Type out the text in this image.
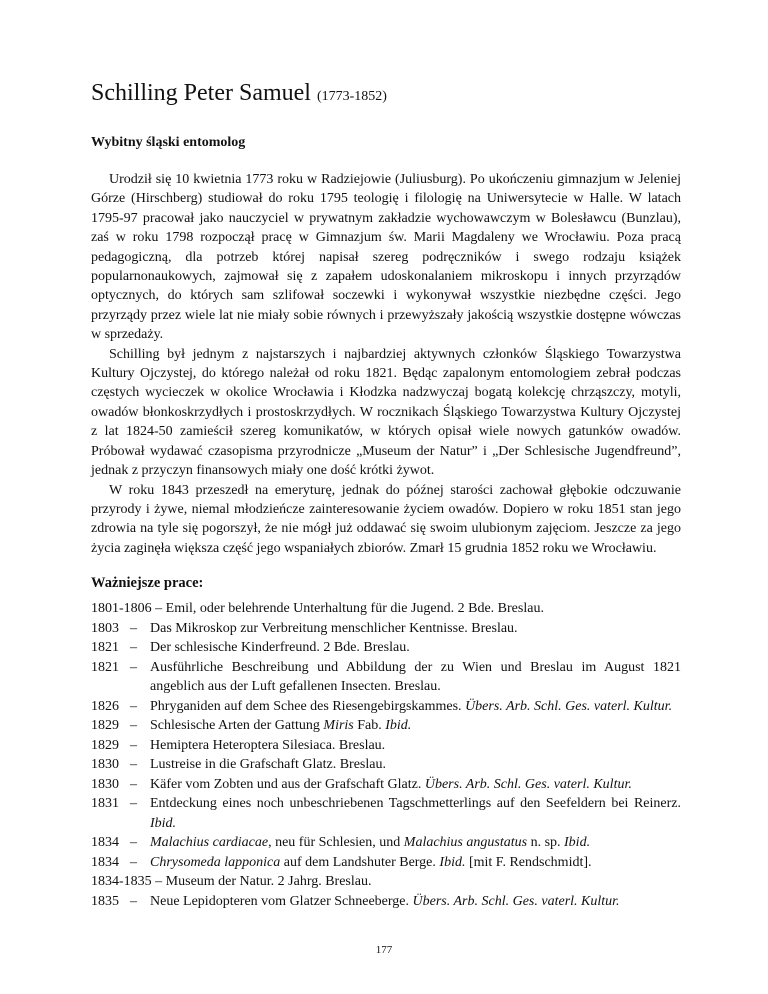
Schilling Peter Samuel (1773-1852)
Wybitny śląski entomolog

Urodził się 10 kwietnia 1773 roku w Radziejowie (Juliusburg). Po ukończeniu gimnazjum w Jeleniej Górze (Hirschberg) studiował do roku 1795 teologię i filologię na Uniwersytecie w Halle. W latach 1795-97 pracował jako nauczyciel w prywatnym zakładzie wychowawczym w Bolesławcu (Bunzlau), zaś w roku 1798 rozpoczął pracę w Gimnazjum św. Marii Magdaleny we Wrocławiu. Poza pracą pedagogiczną, dla potrzeb której napisał szereg podręczników i swego rodzaju książek popularnonaukowych, zajmował się z zapałem udoskonalaniem mikroskopu i innych przyrządów optycznych, do których sam szlifował soczewki i wykonywał wszystkie niezbędne części. Jego przyrządy przez wiele lat nie miały sobie równych i przewyższały jakością wszystkie dostępne wówczas w sprzedaży.

Schilling był jednym z najstarszych i najbardziej aktywnych członków Śląskiego Towarzystwa Kultury Ojczystej, do którego należał od roku 1821. Będąc zapalonym entomologiem zebrał podczas częstych wycieczek w okolice Wrocławia i Kłodzka nadzwyczaj bogatą kolekcję chrząszczy, motyli, owadów błonkoskrzydłych i prostoskrzydłych. W rocznikach Śląskiego Towarzystwa Kultury Ojczystej z lat 1824-50 zamieścił szereg komunikatów, w których opisał wiele nowych gatunków owadów. Próbował wydawać czasopisma przyrodnicze „Museum der Natur” i „Der Schlesische Jugendfreund”, jednak z przyczyn finansowych miały one dość krótki żywot.

W roku 1843 przeszedł na emeryturę, jednak do późnej starości zachował głębokie odczuwanie przyrody i żywe, niemal młodzieńcze zainteresowanie życiem owadów. Dopiero w roku 1851 stan jego zdrowia na tyle się pogorszył, że nie mógł już oddawać się swoim ulubionym zajęciom. Jeszcze za jego życia zaginęła większa część jego wspaniałych zbiorów. Zmarł 15 grudnia 1852 roku we Wrocławiu.

Ważniejsze prace:
1801-1806 – Emil, oder belehrende Unterhaltung für die Jugend. 2 Bde. Breslau.
1803 – Das Mikroskop zur Verbreitung menschlicher Kentnisse. Breslau.
1821 – Der schlesische Kinderfreund. 2 Bde. Breslau.
1821 – Ausführliche Beschreibung und Abbildung der zu Wien und Breslau im August 1821 angeblich aus der Luft gefallenen Insecten. Breslau.
1826 – Phryganiden auf dem Schee des Riesengebirgskammes. Übers. Arb. Schl. Ges. vaterl. Kultur.
1829 – Schlesische Arten der Gattung Miris Fab. Ibid.
1829 – Hemiptera Heteroptera Silesiaca. Breslau.
1830 – Lustreise in die Grafschaft Glatz. Breslau.
1830 – Käfer vom Zobten und aus der Grafschaft Glatz. Übers. Arb. Schl. Ges. vaterl. Kultur.
1831 – Entdeckung eines noch unbeschriebenen Tagschmetterlings auf den Seefeldern bei Reinerz. Ibid.
1834 – Malachius cardiacae, neu für Schlesien, und Malachius angustatus n. sp. Ibid.
1834 – Chrysomeda lapponica auf dem Landshuter Berge. Ibid. [mit F. Rendschmidt].
1834-1835 – Museum der Natur. 2 Jahrg. Breslau.
1835 – Neue Lepidopteren vom Glatzer Schneeberge. Übers. Arb. Schl. Ges. vaterl. Kultur.
177
